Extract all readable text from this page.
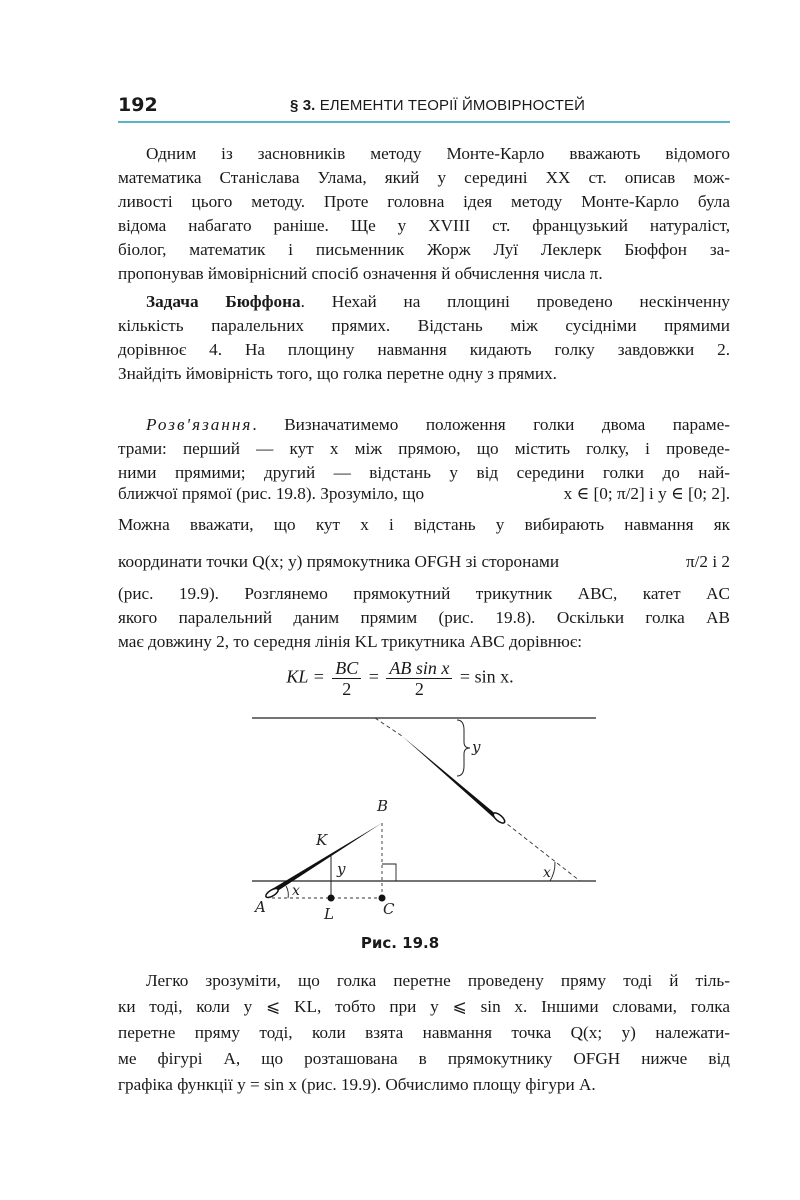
192	§ 3. ЕЛЕМЕНТИ ТЕОРІЇ ЙМОВІРНОСТЕЙ
Одним із засновників методу Монте-Карло вважають відомого
математика Станіслава Улама, який у середині XX ст. описав мож-
ливості цього методу. Проте головна ідея методу Монте-Карло була
відома набагато раніше. Ще у XVIII ст. французький натураліст,
біолог, математик і письменник Жорж Луї Леклерк Бюффон за-
пропонував ймовірнісний спосіб означення й обчислення числа π.
Задача Бюффона. Нехай на площині проведено нескінченну
кількість паралельних прямих. Відстань між сусідніми прямими
дорівнює 4. На площину навмання кидають голку завдовжки 2.
Знайдіть ймовірність того, що голка перетне одну з прямих.
Розв'язання. Визначатимемо положення голки двома параме-
трами: перший — кут x між прямою, що містить голку, і проведе-
ними прямими; другий — відстань y від середини голки до най-
ближчої прямої (рис. 19.8). Зрозуміло, що	x ∈ [0; π/2] і y ∈ [0; 2].
Можна вважати, що кут x і відстань y вибирають навмання як
координати точки Q(x; y) прямокутника OFGH зі сторонами	π/2 і 2
(рис. 19.9). Розглянемо прямокутний трикутник ABC, катет AC
якого паралельний даним прямим (рис. 19.8). Оскільки голка AB
має довжину 2, то середня лінія KL трикутника ABC дорівнює:
KL = $\frac{BC}{2} = \frac{\text{AB sin x}}{2} = \sin x$.
y
x
B
K
y
x
A	L	C
Рис. 19.8
Легко зрозуміти, що голка перетне проведену пряму тоді й тіль-
ки тоді, коли y ⩽ KL, тобто при y ⩽ sin x. Іншими словами, голка
перетне пряму тоді, коли взята навмання точка Q(x; y) належати-
ме фігурі A, що розташована в прямокутнику OFGH нижче від
графіка функції y = sin x (рис. 19.9). Обчислимо площу фігури A.
